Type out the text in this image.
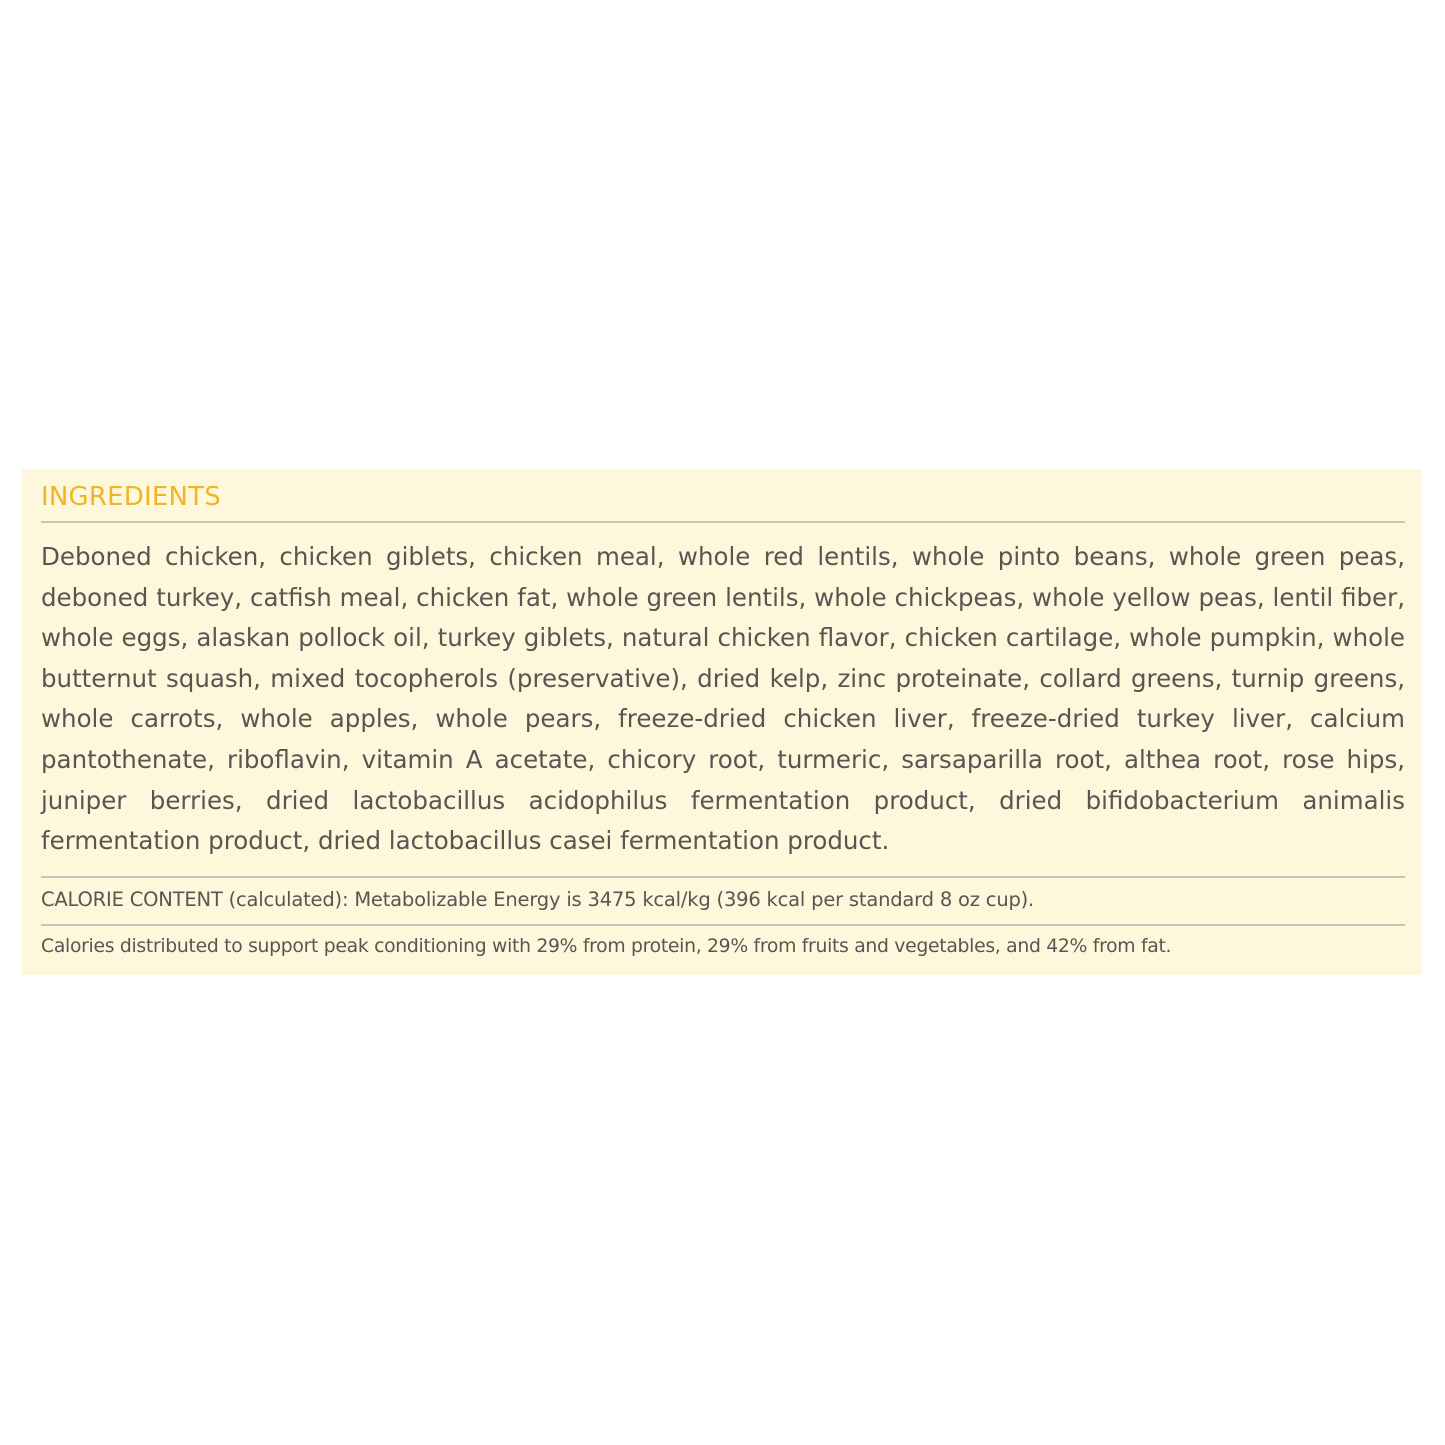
INGREDIENTS

Deboned chicken, chicken giblets, chicken meal, whole red lentils, whole pinto beans, whole green peas, deboned turkey, catfish meal, chicken fat, whole green lentils, whole chickpeas, whole yellow peas, lentil fiber, whole eggs, alaskan pollock oil, turkey giblets, natural chicken flavor, chicken cartilage, whole pumpkin, whole butternut squash, mixed tocopherols (preservative), dried kelp, zinc proteinate, collard greens, turnip greens, whole carrots, whole apples, whole pears, freeze-dried chicken liver, freeze-dried turkey liver, calcium pantothenate, riboflavin, vitamin A acetate, chicory root, turmeric, sarsaparilla root, althea root, rose hips, juniper berries, dried lactobacillus acidophilus fermentation product, dried bifidobacterium animalis fermentation product, dried lactobacillus casei fermentation product.

CALORIE CONTENT (calculated): Metabolizable Energy is 3475 kcal/kg (396 kcal per standard 8 oz cup).

Calories distributed to support peak conditioning with 29% from protein, 29% from fruits and vegetables, and 42% from fat.
